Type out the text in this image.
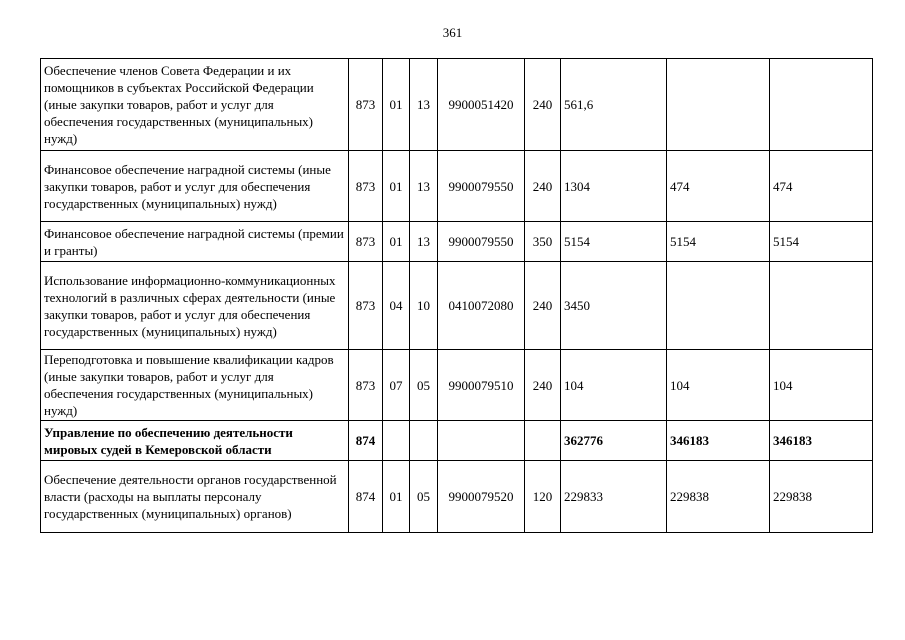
361
Обеспечение членов Совета Федерации и их помощников в субъектах Российской Федерации (иные закупки товаров, работ и услуг для обеспечения государственных (муниципальных) нужд)	873	01	13	9900051420	240	561,6		
Финансовое обеспечение наградной системы (иные закупки товаров, работ и услуг для обеспечения государственных (муниципальных) нужд)	873	01	13	9900079550	240	1304	474	474
Финансовое обеспечение наградной системы (премии и гранты)	873	01	13	9900079550	350	5154	5154	5154
Использование информационно-коммуникационных технологий в различных сферах деятельности (иные закупки товаров, работ и услуг для обеспечения государственных (муниципальных) нужд)	873	04	10	0410072080	240	3450		
Переподготовка и повышение квалификации кадров (иные закупки товаров, работ и услуг для обеспечения государственных (муниципальных) нужд)	873	07	05	9900079510	240	104	104	104
Управление по обеспечению деятельности мировых судей в Кемеровской области	874					362776	346183	346183
Обеспечение деятельности органов государственной власти (расходы на выплаты персоналу государственных (муниципальных) органов)	874	01	05	9900079520	120	229833	229838	229838
